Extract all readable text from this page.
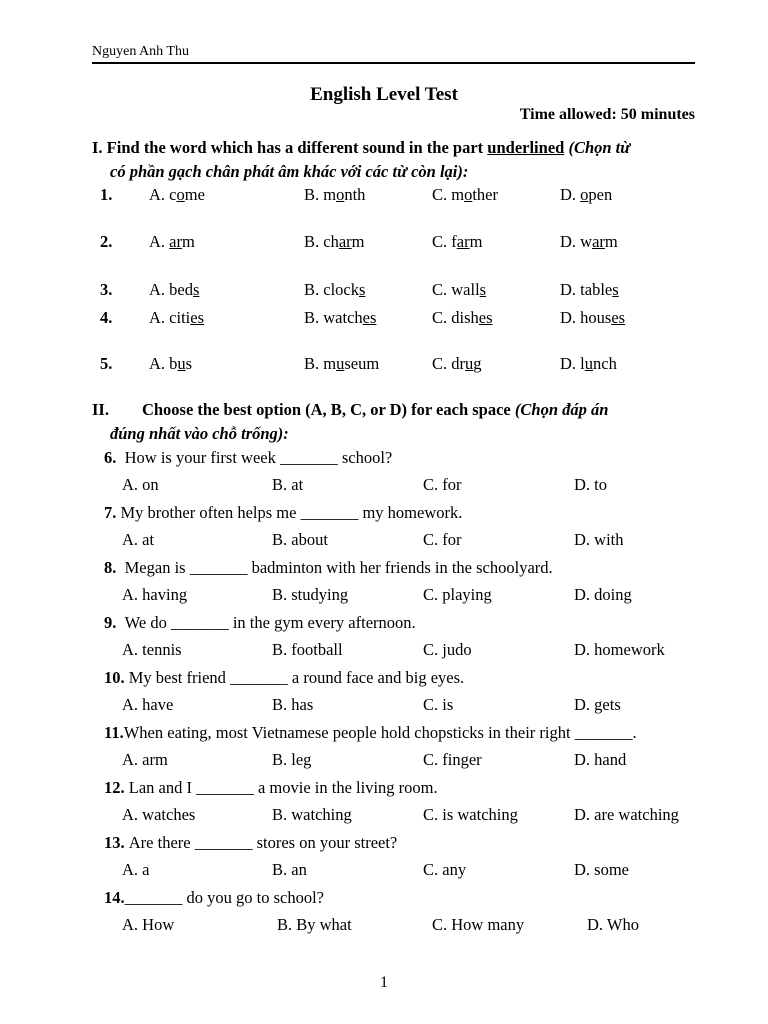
Nguyen Anh Thu
English Level Test
Time allowed: 50 minutes
I. Find the word which has a different sound in the part underlined (Chọn từ
có phần gạch chân phát âm khác với các từ còn lại):
1. A. come	B. month	C. mother	D. open
2. A. arm	B. charm	C. farm	D. warm
3. A. beds	B. clocks	C. walls	D. tables
4. A. cities	B. watches	C. dishes	D. houses
5. A. bus	B. museum	C. drug	D. lunch
II. Choose the best option (A, B, C, or D) for each space (Chọn đáp án
đúng nhất vào chỗ trống):
6.  How is your first week _______ school?
A. on	B. at	C. for	D. to
7. My brother often helps me _______ my homework.
A. at	B. about	C. for	D. with
8.  Megan is _______ badminton with her friends in the schoolyard.
A. having	B. studying	C. playing	D. doing
9.  We do _______ in the gym every afternoon.
A. tennis	B. football	C. judo	D. homework
10. My best friend _______ a round face and big eyes.
A. have	B. has	C. is	D. gets
11.When eating, most Vietnamese people hold chopsticks in their right _______.
A. arm	B. leg	C. finger	D. hand
12. Lan and I _______ a movie in the living room.
A. watches	B. watching	C. is watching	D. are watching
13. Are there _______ stores on your street?
A. a	B. an	C. any	D. some
14._______ do you go to school?
A. How	B. By what	C. How many	D. Who
1
